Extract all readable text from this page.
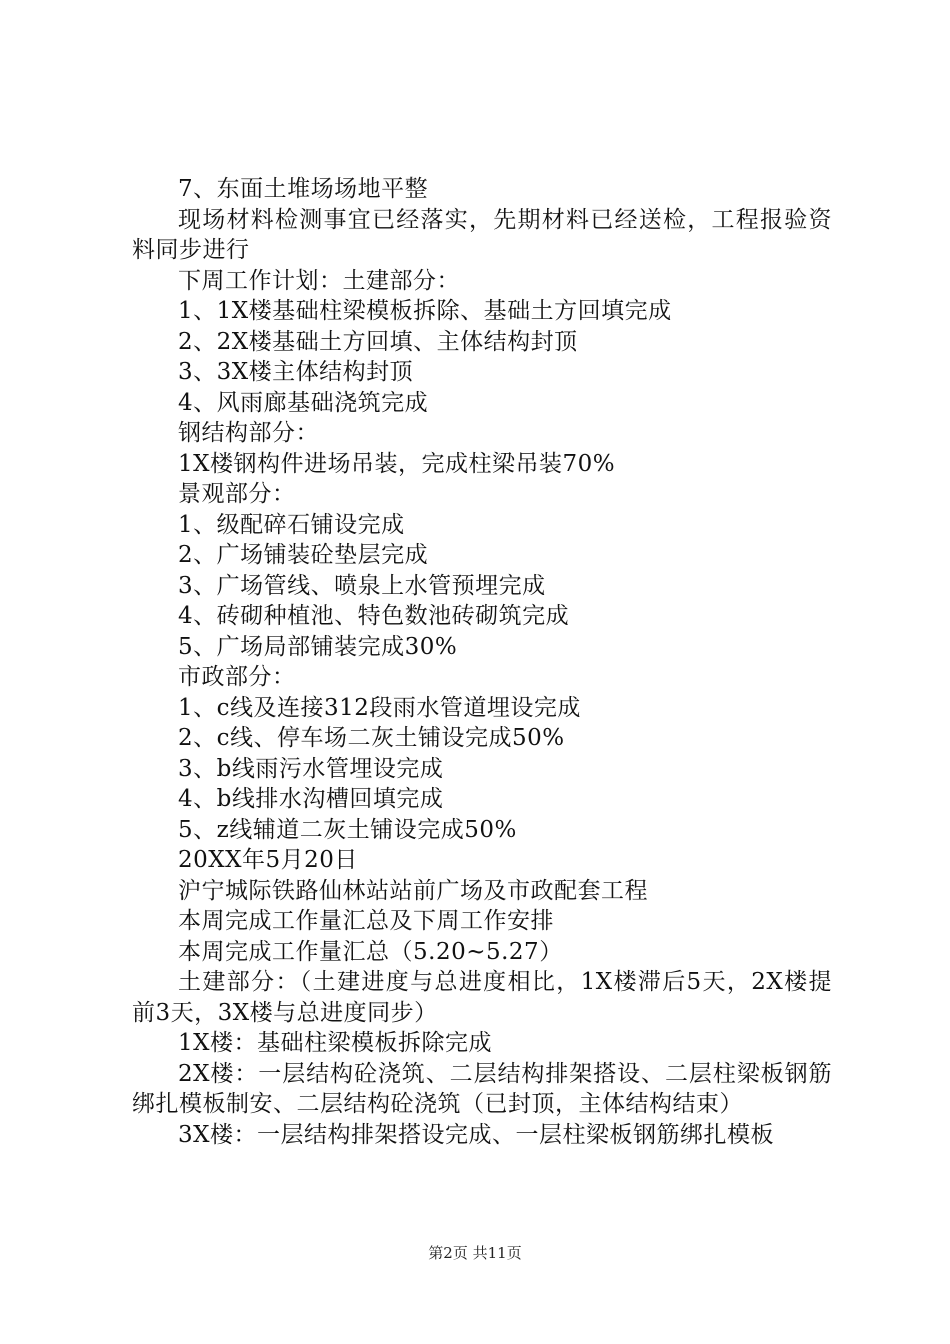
7、东面土堆场场地平整

现场材料检测事宜已经落实，先期材料已经送检，工程报验资料同步进行

下周工作计划：土建部分：

1、1X楼基础柱梁模板拆除、基础土方回填完成

2、2X楼基础土方回填、主体结构封顶

3、3X楼主体结构封顶

4、风雨廊基础浇筑完成

钢结构部分：

1X楼钢构件进场吊装，完成柱梁吊装70%

景观部分：

1、级配碎石铺设完成

2、广场铺装砼垫层完成

3、广场管线、喷泉上水管预埋完成

4、砖砌种植池、特色数池砖砌筑完成

5、广场局部铺装完成30%

市政部分：

1、c线及连接312段雨水管道埋设完成

2、c线、停车场二灰土铺设完成50%

3、b线雨污水管埋设完成

4、b线排水沟槽回填完成

5、z线辅道二灰土铺设完成50%

20XX年5月20日

沪宁城际铁路仙林站站前广场及市政配套工程

本周完成工作量汇总及下周工作安排

本周完成工作量汇总（5.20~5.27）

土建部分：（土建进度与总进度相比，1X楼滞后5天，2X楼提前3天，3X楼与总进度同步）

1X楼：基础柱梁模板拆除完成

2X楼：一层结构砼浇筑、二层结构排架搭设、二层柱梁板钢筋绑扎模板制安、二层结构砼浇筑（已封顶，主体结构结束）

3X楼：一层结构排架搭设完成、一层柱梁板钢筋绑扎模板

第2页 共11页
